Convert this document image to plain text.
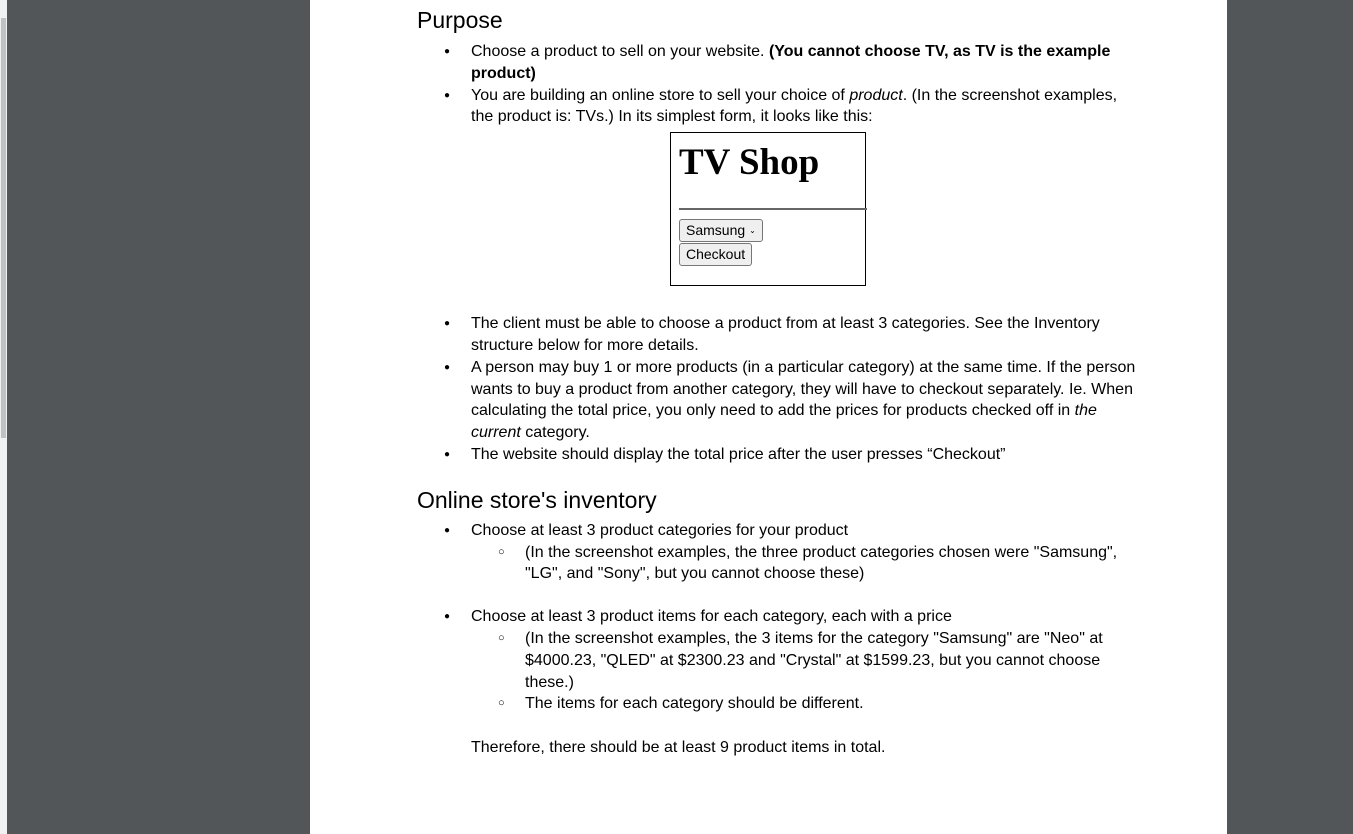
Purpose
● Choose a product to sell on your website. (You cannot choose TV, as TV is the example product)
● You are building an online store to sell your choice of product. (In the screenshot examples, the product is: TVs.) In its simplest form, it looks like this:
TV Shop
Samsung ⌄
Checkout
● The client must be able to choose a product from at least 3 categories. See the Inventory structure below for more details.
● A person may buy 1 or more products (in a particular category) at the same time. If the person wants to buy a product from another category, they will have to checkout separately. Ie. When calculating the total price, you only need to add the prices for products checked off in the current category.
● The website should display the total price after the user presses “Checkout”
Online store's inventory
● Choose at least 3 product categories for your product
○ (In the screenshot examples, the three product categories chosen were "Samsung", "LG", and "Sony", but you cannot choose these)
● Choose at least 3 product items for each category, each with a price
○ (In the screenshot examples, the 3 items for the category "Samsung" are "Neo" at $4000.23, "QLED" at $2300.23 and "Crystal" at $1599.23, but you cannot choose these.)
○ The items for each category should be different.
Therefore, there should be at least 9 product items in total.
